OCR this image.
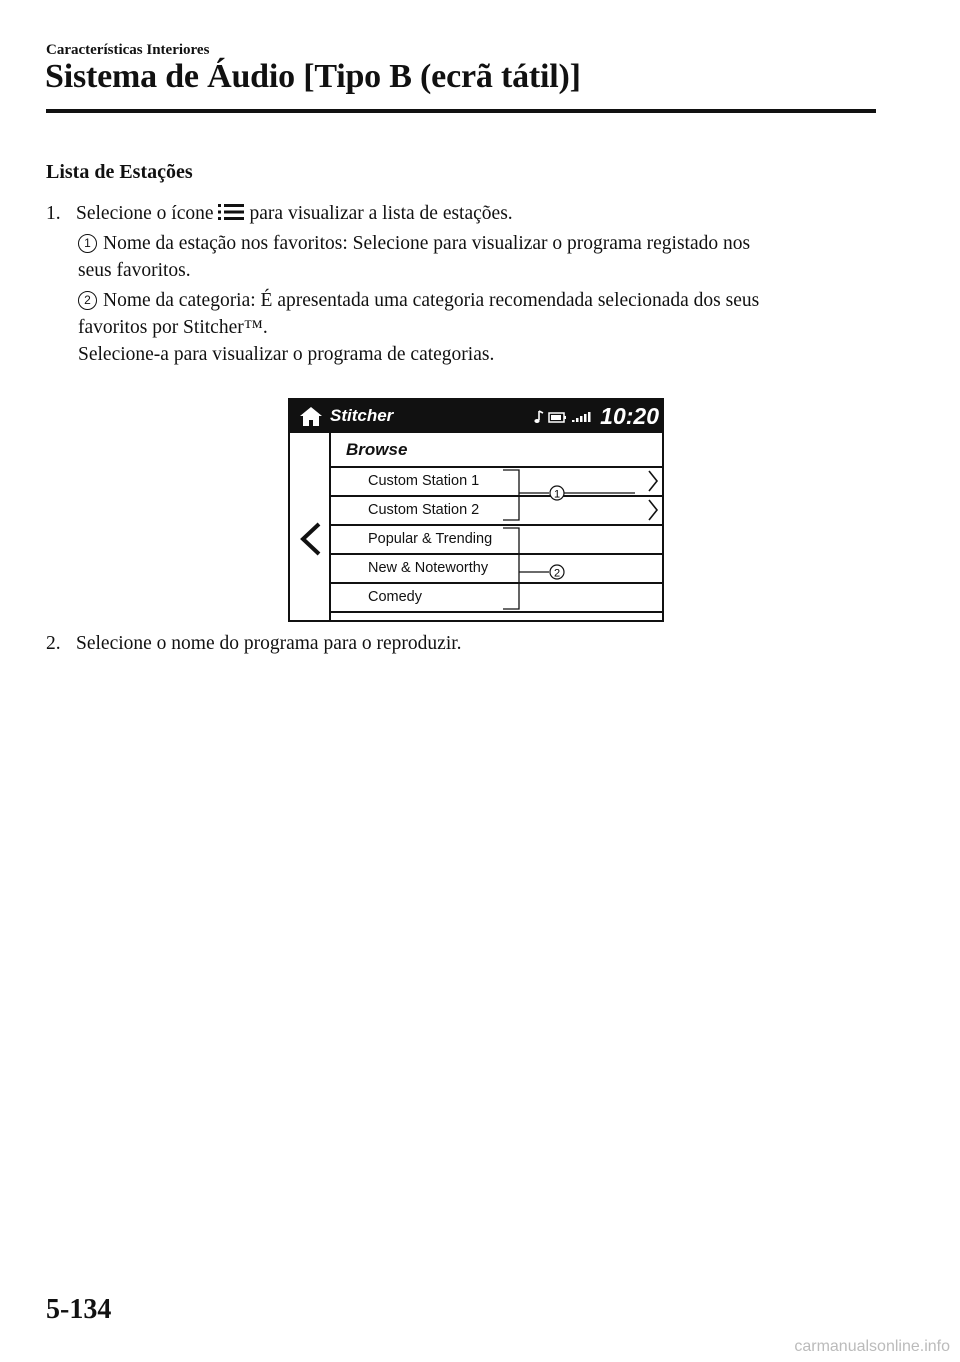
Características Interiores
Sistema de Áudio [Tipo B (ecrã tátil)]
Lista de Estações
1. Selecione o ícone para visualizar a lista de estações.
1 Nome da estação nos favoritos: Selecione para visualizar o programa registado nos
seus favoritos.
2 Nome da categoria: É apresentada uma categoria recomendada selecionada dos seus
favoritos por Stitcher™.
Selecione-a para visualizar o programa de categorias.
Stitcher	10:20
Browse
Custom Station 1
Custom Station 2
Popular & Trending
New & Noteworthy
Comedy
1
2
2. Selecione o nome do programa para o reproduzir.
5-134
carmanualsonline.info
